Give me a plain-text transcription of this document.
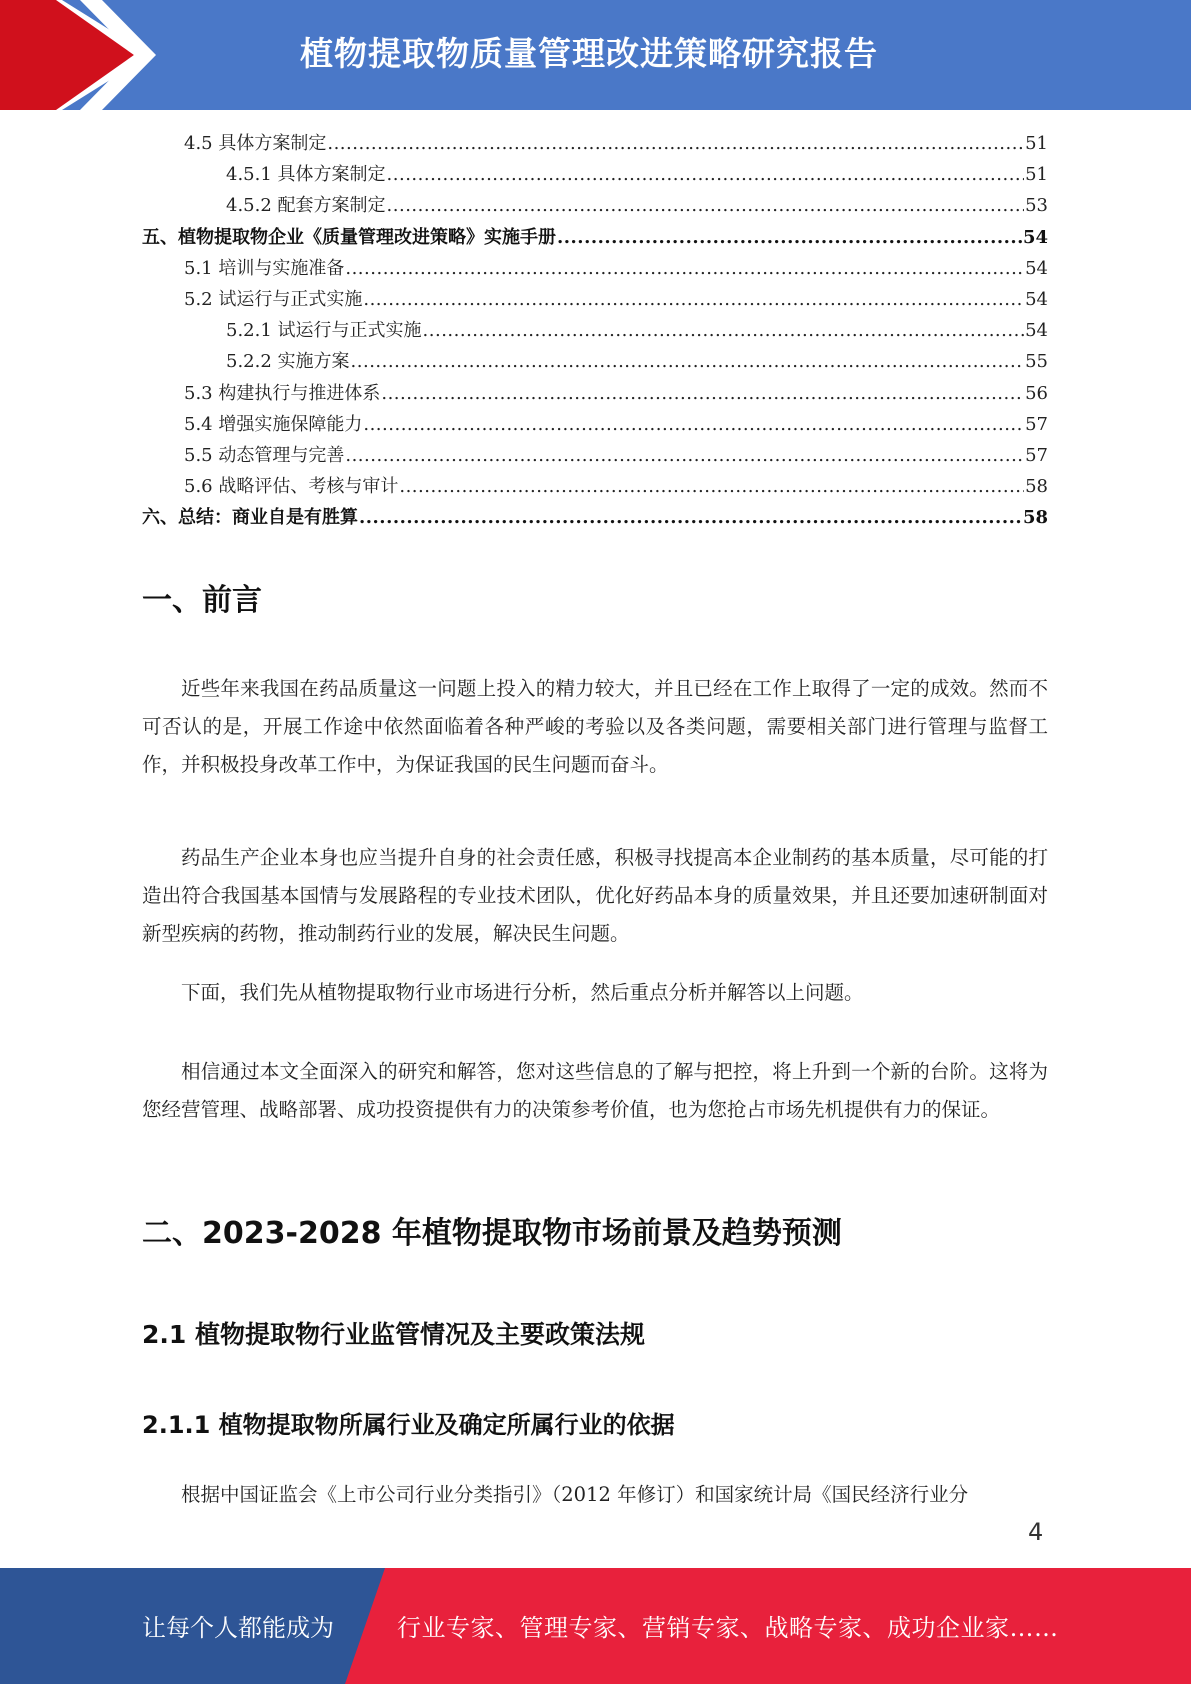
植物提取物质量管理改进策略研究报告
4.5 具体方案制定 .....	51
4.5.1 具体方案制定 .....	51
4.5.2 配套方案制定 .....	53
五、植物提取物企业《质量管理改进策略》实施手册 .....	54
5.1 培训与实施准备 .....	54
5.2 试运行与正式实施 .....	54
5.2.1 试运行与正式实施 .....	54
5.2.2 实施方案 .....	55
5.3 构建执行与推进体系 .....	56
5.4 增强实施保障能力 .....	57
5.5 动态管理与完善 .....	57
5.6 战略评估、考核与审计 .....	58
六、总结：商业自是有胜算 .....	58
一、前言

近些年来我国在药品质量这一问题上投入的精力较大，并且已经在工作上取得了一定的成效。然而不可否认的是，开展工作途中依然面临着各种严峻的考验以及各类问题，需要相关部门进行管理与监督工作，并积极投身改革工作中，为保证我国的民生问题而奋斗。

药品生产企业本身也应当提升自身的社会责任感，积极寻找提高本企业制药的基本质量，尽可能的打造出符合我国基本国情与发展路程的专业技术团队，优化好药品本身的质量效果，并且还要加速研制面对新型疾病的药物，推动制药行业的发展，解决民生问题。

下面，我们先从植物提取物行业市场进行分析，然后重点分析并解答以上问题。

相信通过本文全面深入的研究和解答，您对这些信息的了解与把控，将上升到一个新的台阶。这将为您经营管理、战略部署、成功投资提供有力的决策参考价值，也为您抢占市场先机提供有力的保证。

二、2023-2028 年植物提取物市场前景及趋势预测
2.1 植物提取物行业监管情况及主要政策法规
2.1.1 植物提取物所属行业及确定所属行业的依据

根据中国证监会《上市公司行业分类指引》（2012 年修订）和国家统计局《国民经济行业分

4
让每个人都能成为	行业专家、管理专家、营销专家、战略专家、成功企业家……
